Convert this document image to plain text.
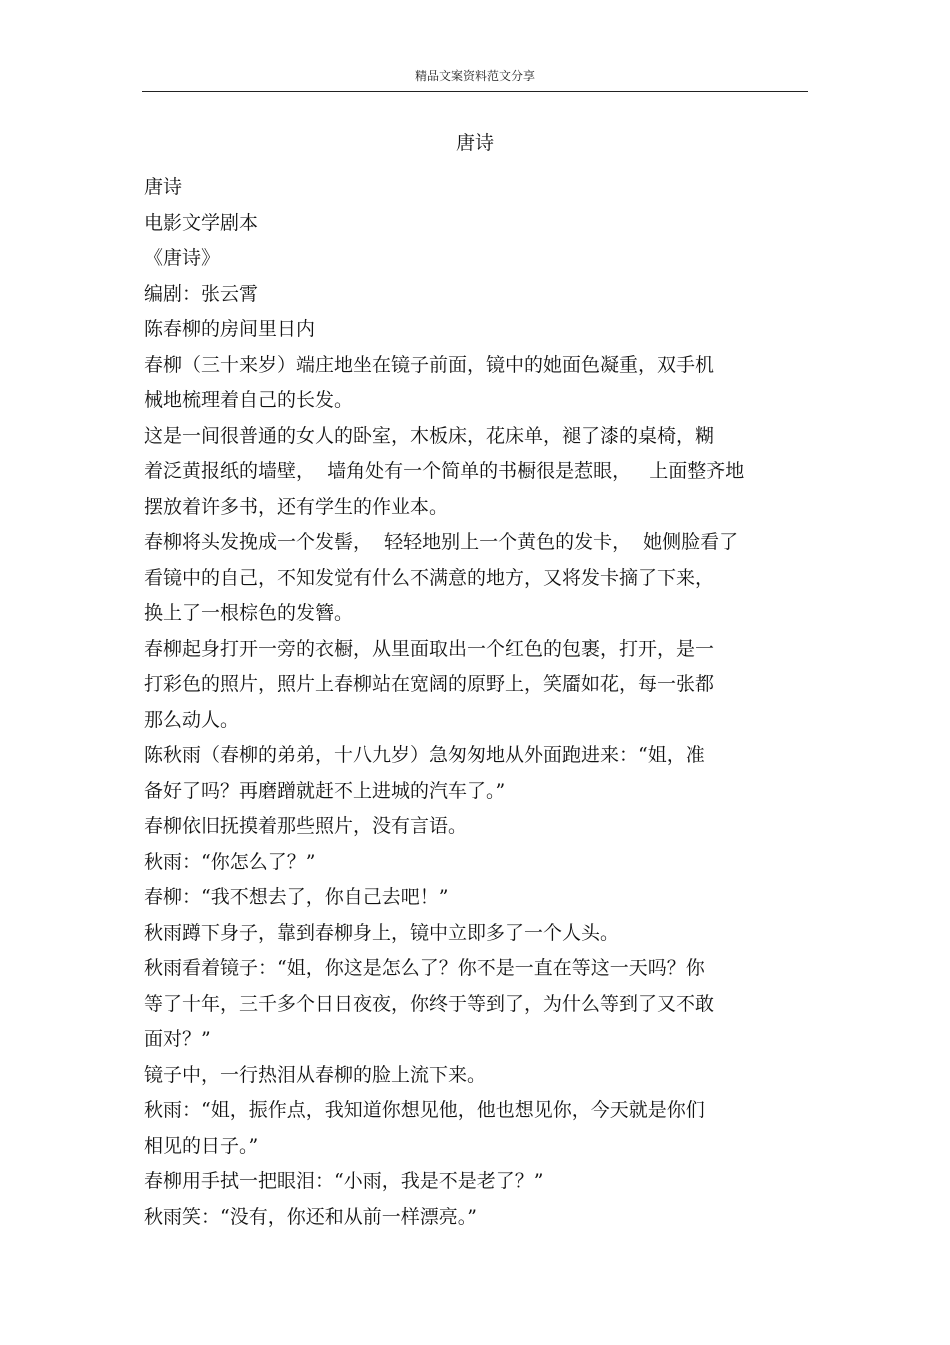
精品文案资料范文分享
唐诗
唐诗
电影文学剧本
《唐诗》
编剧：张云霄
陈春柳的房间里日内
春柳（三十来岁）端庄地坐在镜子前面，镜中的她面色凝重，双手机
械地梳理着自己的长发。
这是一间很普通的女人的卧室，木板床，花床单，褪了漆的桌椅，糊
着泛黄报纸的墙壁，  墙角处有一个简单的书橱很是惹眼，   上面整齐地
摆放着许多书，还有学生的作业本。
春柳将头发挽成一个发髻，  轻轻地别上一个黄色的发卡，  她侧脸看了
看镜中的自己，不知发觉有什么不满意的地方，又将发卡摘了下来，
换上了一根棕色的发簪。
春柳起身打开一旁的衣橱，从里面取出一个红色的包裹，打开，是一
打彩色的照片，照片上春柳站在宽阔的原野上，笑靥如花，每一张都
那么动人。
陈秋雨（春柳的弟弟，十八九岁）急匆匆地从外面跑进来：“姐，准
备好了吗？再磨蹭就赶不上进城的汽车了。”
春柳依旧抚摸着那些照片，没有言语。
秋雨：“你怎么了？”
春柳：“我不想去了，你自己去吧！”
秋雨蹲下身子，靠到春柳身上，镜中立即多了一个人头。
秋雨看着镜子：“姐，你这是怎么了？你不是一直在等这一天吗？你
等了十年，三千多个日日夜夜，你终于等到了，为什么等到了又不敢
面对？”
镜子中，一行热泪从春柳的脸上流下来。
秋雨：“姐，振作点，我知道你想见他，他也想见你，今天就是你们
相见的日子。”
春柳用手拭一把眼泪：“小雨，我是不是老了？”
秋雨笑：“没有，你还和从前一样漂亮。”
